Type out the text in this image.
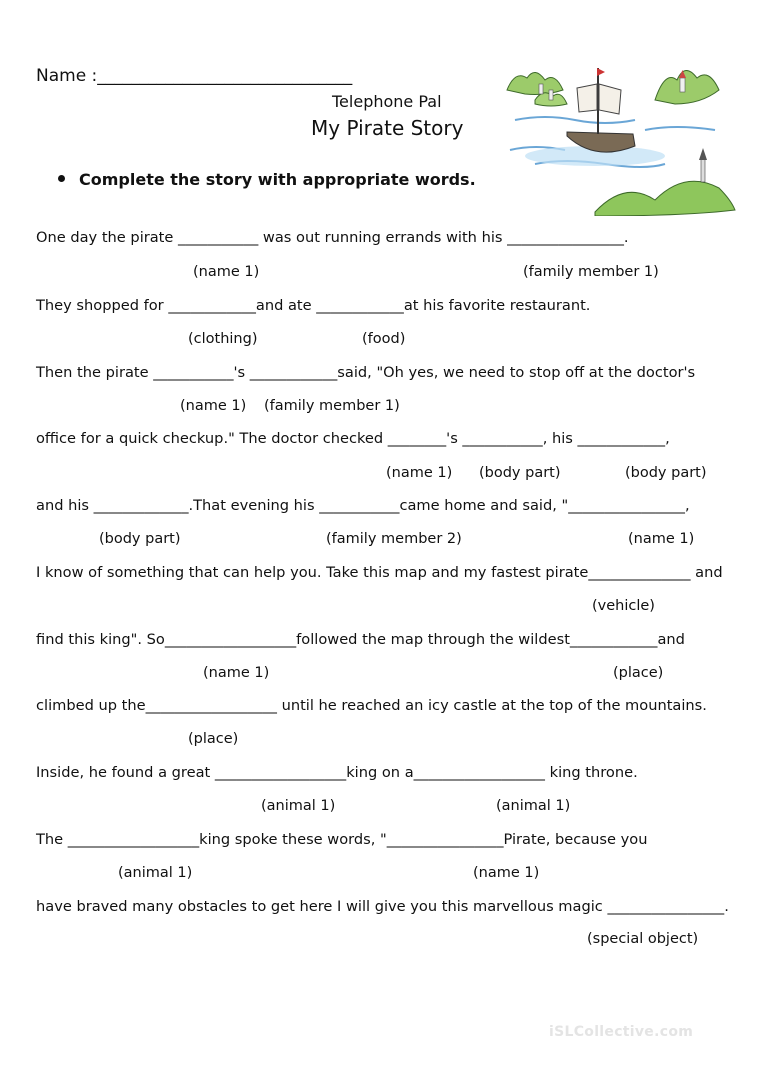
Name :______________________________
Telephone Pal
My Pirate Story
Complete the story with appropriate words.
One day the pirate ___________ was out running errands with his ________________.
(name 1)	(family member 1)
They shopped for ____________and ate ____________at his favorite restaurant.
(clothing)	(food)
Then the pirate ___________'s ____________said, "Oh yes, we need to stop off at the doctor's
(name 1) (family member 1)
office for a quick checkup." The doctor checked ________'s ___________, his ____________,
(name 1) (body part)	(body part)
and his _____________.That evening his ___________came home and said, "________________,
(body part)	(family member 2)	(name 1)
I know of something that can help you. Take this map and my fastest pirate______________ and
(vehicle)
find this king". So__________________followed the map through the wildest____________and
(name 1)	(place)
climbed up the__________________ until he reached an icy castle at the top of the mountains.
(place)
Inside, he found a great __________________king on a__________________ king throne.
(animal 1)	(animal 1)
The __________________king spoke these words, "________________Pirate, because you
(animal 1)	(name 1)
have braved many obstacles to get here I will give you this marvellous magic ________________.
(special object)
iSLCollective.com
